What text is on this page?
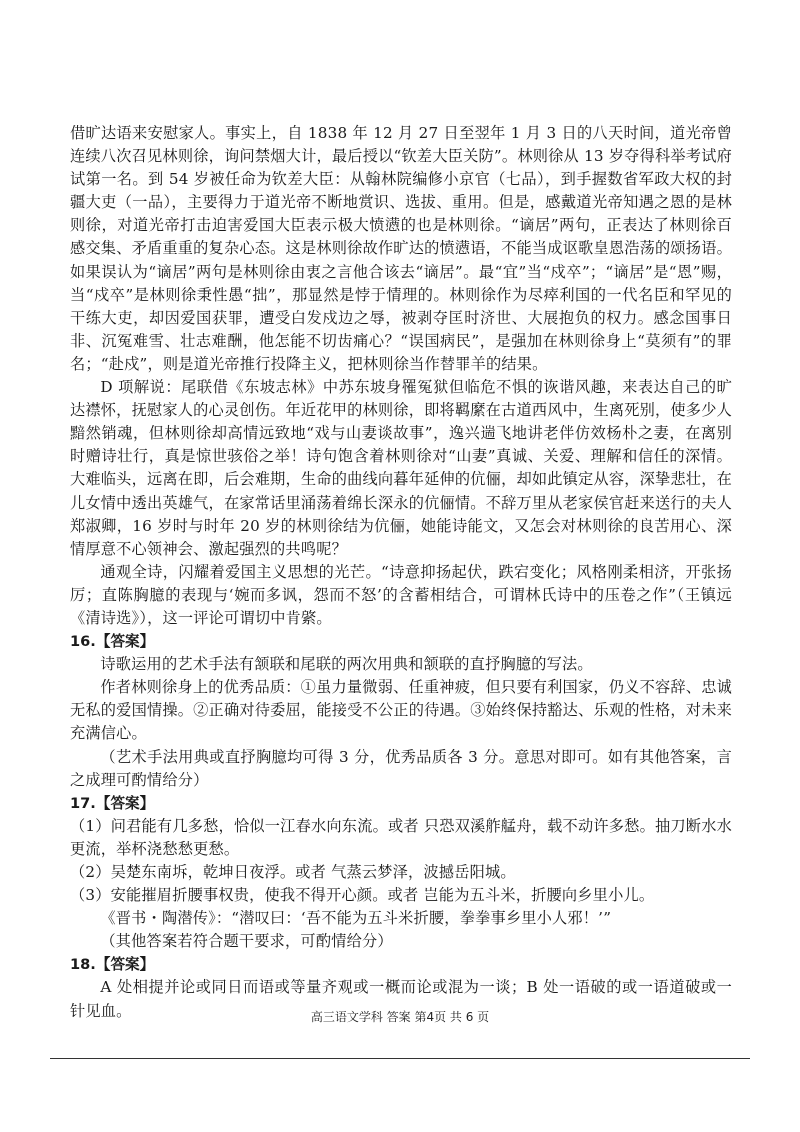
借旷达语来安慰家人。事实上，自 1838 年 12 月 27 日至翌年 1 月 3 日的八天时间，道光帝曾连续八次召见林则徐，询问禁烟大计，最后授以“钦差大臣关防”。林则徐从 13 岁夺得科举考试府试第一名。到 54 岁被任命为钦差大臣：从翰林院编修小京官（七品），到手握数省军政大权的封疆大吏（一品），主要得力于道光帝不断地赏识、选拔、重用。但是，感戴道光帝知遇之恩的是林则徐，对道光帝打击迫害爱国大臣表示极大愤懑的也是林则徐。“谪居”两句，正表达了林则徐百感交集、矛盾重重的复杂心态。这是林则徐故作旷达的愤懑语，不能当成讴歌皇恩浩荡的颂扬语。如果误认为“谪居”两句是林则徐由衷之言他合该去“谪居”。最“宜”当“戍卒”；“谪居”是“恩”赐，当“戍卒”是林则徐秉性愚“拙”，那显然是悖于情理的。林则徐作为尽瘁利国的一代名臣和罕见的干练大吏，却因爱国获罪，遭受白发戍边之辱，被剥夺匡时济世、大展抱负的权力。感念国事日非、沉冤难雪、壮志难酬，他怎能不切齿痛心？“误国病民”，是强加在林则徐身上“莫须有”的罪名；“赴戍”，则是道光帝推行投降主义，把林则徐当作替罪羊的结果。

D 项解说：尾联借《东坡志林》中苏东坡身罹冤狱但临危不惧的诙谐风趣，来表达自己的旷达襟怀，抚慰家人的心灵创伤。年近花甲的林则徐，即将羁縻在古道西风中，生离死别，使多少人黯然销魂，但林则徐却高情远致地“戏与山妻谈故事”，逸兴遄飞地讲老伴仿效杨朴之妻，在离别时赠诗壮行，真是惊世骇俗之举！诗句饱含着林则徐对“山妻”真诚、关爱、理解和信任的深情。大难临头，远离在即，后会难期，生命的曲线向暮年延伸的伉俪，却如此镇定从容，深挚悲壮，在儿女情中透出英雄气，在家常话里涌荡着绵长深永的伉俪情。不辞万里从老家侯官赶来送行的夫人郑淑卿，16 岁时与时年 20 岁的林则徐结为伉俪，她能诗能文，又怎会对林则徐的良苦用心、深情厚意不心领神会、激起强烈的共鸣呢？

通观全诗，闪耀着爱国主义思想的光芒。“诗意抑扬起伏，跌宕变化；风格刚柔相济，开张扬厉；直陈胸臆的表现与‘婉而多讽，怨而不怒’的含蓄相结合，可谓林氏诗中的压卷之作”（王镇远《清诗选》），这一评论可谓切中肯綮。

16.【答案】

诗歌运用的艺术手法有颔联和尾联的两次用典和颔联的直抒胸臆的写法。

作者林则徐身上的优秀品质：①虽力量微弱、任重神疲，但只要有利国家，仍义不容辞、忠诚无私的爱国情操。②正确对待委屈，能接受不公正的待遇。③始终保持豁达、乐观的性格，对未来充满信心。

（艺术手法用典或直抒胸臆均可得 3 分，优秀品质各 3 分。意思对即可。如有其他答案，言之成理可酌情给分）

17.【答案】

（1）问君能有几多愁，恰似一江春水向东流。或者 只恐双溪舴艋舟，载不动许多愁。抽刀断水水更流，举杯浇愁愁更愁。

（2）吴楚东南坼，乾坤日夜浮。或者 气蒸云梦泽，波撼岳阳城。

（3）安能摧眉折腰事权贵，使我不得开心颜。或者 岂能为五斗米，折腰向乡里小儿。

《晋书・陶潜传》：“潜叹曰：‘吾不能为五斗米折腰，拳拳事乡里小人邪！’”

（其他答案若符合题干要求，可酌情给分）

18.【答案】

A 处相提并论或同日而语或等量齐观或一概而论或混为一谈；B 处一语破的或一语道破或一针见血。	高三语文学科 答案 第4页 共 6 页
